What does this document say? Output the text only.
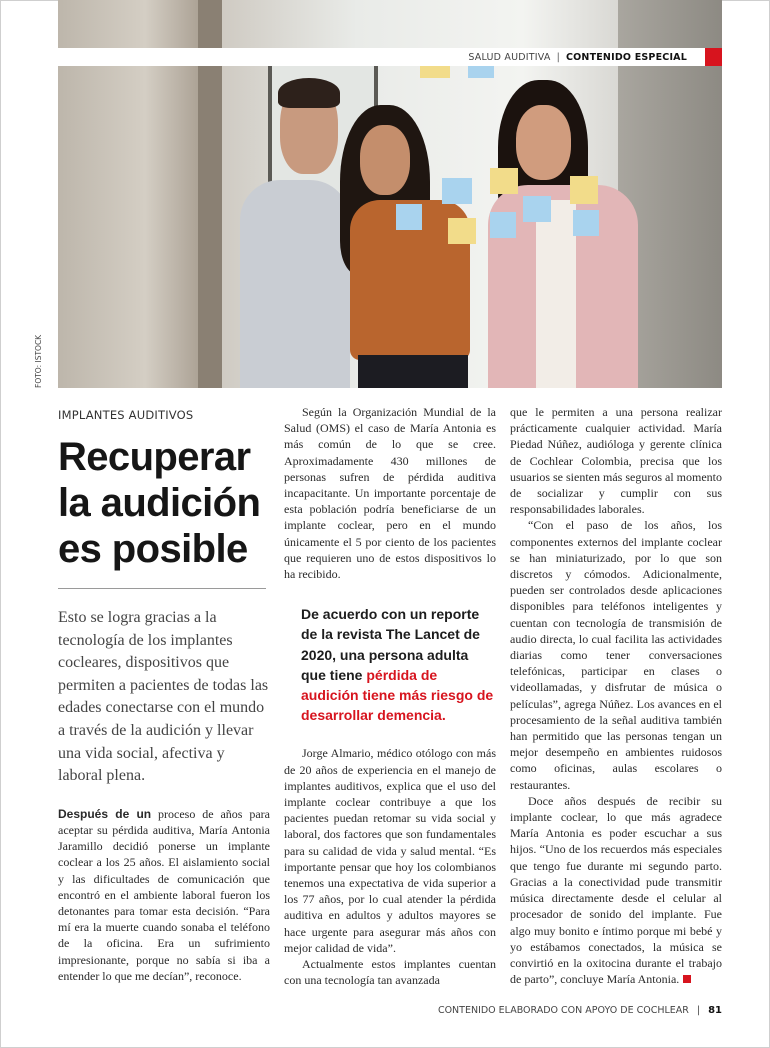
SALUD AUDITIVA | CONTENIDO ESPECIAL
FOTO: ISTOCK
IMPLANTES AUDITIVOS
Recuperar la audición es posible

Esto se logra gracias a la tecnología de los implantes cocleares, dispositivos que permiten a pacientes de todas las edades conectarse con el mundo a través de la audición y llevar una vida social, afectiva y laboral plena.

Después de un proceso de años para aceptar su pérdida auditiva, María Antonia Jaramillo decidió ponerse un implante coclear a los 25 años. El aislamiento social y las dificultades de comunicación que encontró en el ambiente laboral fueron los detonantes para tomar esta decisión. “Para mí era la muerte cuando sonaba el teléfono de la oficina. Era un sufrimiento impresionante, porque no sabía si iba a entender lo que me decían”, reconoce.

Según la Organización Mundial de la Salud (OMS) el caso de María Antonia es más común de lo que se cree. Aproximadamente 430 millones de personas sufren de pérdida auditiva incapacitante. Un importante porcentaje de esta población podría beneficiarse de un implante coclear, pero en el mundo únicamente el 5 por ciento de los pacientes que requieren uno de estos dispositivos lo ha recibido.

De acuerdo con un reporte de la revista The Lancet de 2020, una persona adulta que tiene pérdida de audición tiene más riesgo de desarrollar demencia.

Jorge Almario, médico otólogo con más de 20 años de experiencia en el manejo de implantes auditivos, explica que el uso del implante coclear contribuye a que los pacientes puedan retomar su vida social y laboral, dos factores que son fundamentales para su calidad de vida y salud mental. “Es importante pensar que hoy los colombianos tenemos una expectativa de vida superior a los 77 años, por lo cual atender la pérdida auditiva en adultos y adultos mayores se hace urgente para asegurar más años con mejor calidad de vida”.

Actualmente estos implantes cuentan con una tecnología tan avanzada

que le permiten a una persona realizar prácticamente cualquier actividad. María Piedad Núñez, audióloga y gerente clínica de Cochlear Colombia, precisa que los usuarios se sienten más seguros al momento de socializar y cumplir con sus responsabilidades laborales.

“Con el paso de los años, los componentes externos del implante coclear se han miniaturizado, por lo que son discretos y cómodos. Adicionalmente, pueden ser controlados desde aplicaciones disponibles para teléfonos inteligentes y cuentan con tecnología de transmisión de audio directa, lo cual facilita las actividades diarias como tener conversaciones telefónicas, participar en clases o videollamadas, y disfrutar de música o películas”, agrega Núñez. Los avances en el procesamiento de la señal auditiva también han permitido que las personas tengan un mejor desempeño en ambientes ruidosos como oficinas, aulas escolares o restaurantes.

Doce años después de recibir su implante coclear, lo que más agradece María Antonia es poder escuchar a sus hijos. “Uno de los recuerdos más especiales que tengo fue durante mi segundo parto. Gracias a la conectividad pude transmitir música directamente desde el celular al procesador de sonido del implante. Fue algo muy bonito e íntimo porque mi bebé y yo estábamos conectados, la música se convirtió en la oxitocina durante el trabajo de parto”, concluye María Antonia.

CONTENIDO ELABORADO CON APOYO DE COCHLEAR | 81
